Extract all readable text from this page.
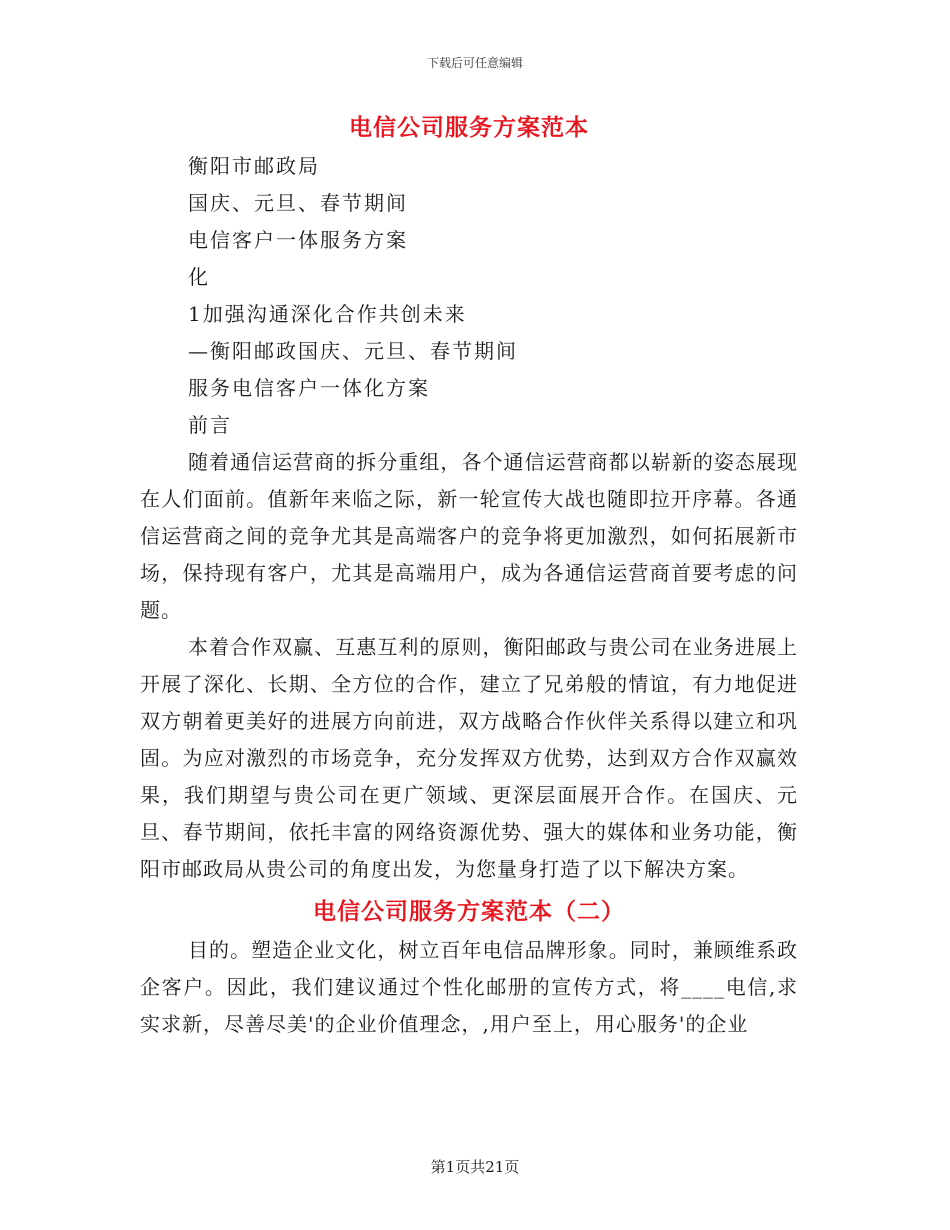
下载后可任意编辑
电信公司服务方案范本

衡阳市邮政局

国庆、元旦、春节期间

电信客户一体服务方案

化

1加强沟通深化合作共创未来

—衡阳邮政国庆、元旦、春节期间

服务电信客户一体化方案

前言

随着通信运营商的拆分重组，各个通信运营商都以崭新的姿态展现在人们面前。值新年来临之际，新一轮宣传大战也随即拉开序幕。各通信运营商之间的竞争尤其是高端客户的竞争将更加激烈，如何拓展新市场，保持现有客户，尤其是高端用户，成为各通信运营商首要考虑的问题。

本着合作双赢、互惠互利的原则，衡阳邮政与贵公司在业务进展上开展了深化、长期、全方位的合作，建立了兄弟般的情谊，有力地促进双方朝着更美好的进展方向前进，双方战略合作伙伴关系得以建立和巩固。为应对激烈的市场竞争，充分发挥双方优势，达到双方合作双赢效果，我们期望与贵公司在更广领域、更深层面展开合作。在国庆、元旦、春节期间，依托丰富的网络资源优势、强大的媒体和业务功能，衡阳市邮政局从贵公司的角度出发，为您量身打造了以下解决方案。

电信公司服务方案范本（二）

目的。塑造企业文化，树立百年电信品牌形象。同时，兼顾维系政企客户。因此，我们建议通过个性化邮册的宣传方式，将____电信,求实求新，尽善尽美'的企业价值理念，,用户至上，用心服务'的企业

第1页共21页
